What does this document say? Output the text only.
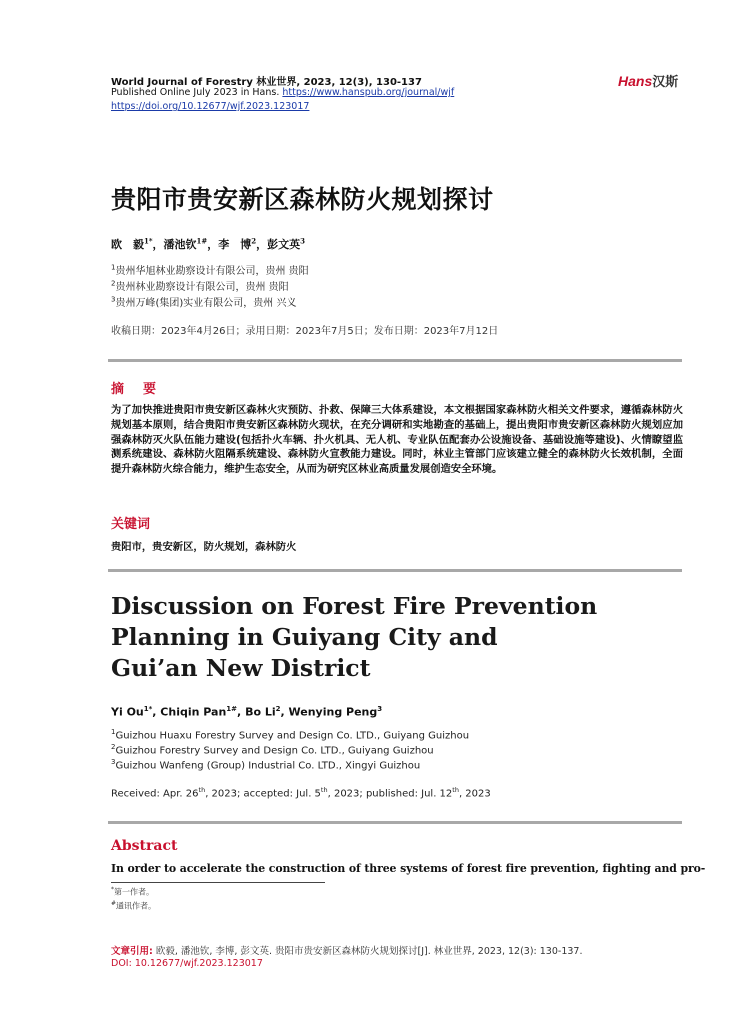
World Journal of Forestry 林业世界, 2023, 12(3), 130-137
Published Online July 2023 in Hans. https://www.hanspub.org/journal/wjf
https://doi.org/10.12677/wjf.2023.123017
Hans汉斯
贵阳市贵安新区森林防火规划探讨
欧　毅$^{1*}$，潘池钦$^{1\#}$，李　博$^2$，彭文英$^3$
$^1$贵州华旭林业勘察设计有限公司，贵州 贵阳
$^2$贵州林业勘察设计有限公司，贵州 贵阳
$^3$贵州万峰(集团)实业有限公司，贵州 兴义
收稿日期：2023年4月26日；录用日期：2023年7月5日；发布日期：2023年7月12日
摘　要
为了加快推进贵阳市贵安新区森林火灾预防、扑救、保障三大体系建设，本文根据国家森林防火相关文件要求，遵循森林防火规划基本原则，结合贵阳市贵安新区森林防火现状，在充分调研和实地勘查的基础上，提出贵阳市贵安新区森林防火规划应加强森林防灭火队伍能力建设(包括扑火车辆、扑火机具、无人机、专业队伍配套办公设施设备、基础设施等建设)、火情瞭望监测系统建设、森林防火阻隔系统建设、森林防火宣教能力建设。同时，林业主管部门应该建立健全的森林防火长效机制，全面提升森林防火综合能力，维护生态安全，从而为研究区林业高质量发展创造安全环境。
关键词
贵阳市，贵安新区，防火规划，森林防火
Discussion on Forest Fire Prevention
Planning in Guiyang City and
Gui’an New District
Yi $Ou^{1*}$, Chiqin Pan$^{1\#}$, Bo Li$^2$, Wenying Peng$^3$
$^1$Guizhou Huaxu Forestry Survey and Design Co. LTD., Guiyang Guizhou
$^2$Guizhou Forestry Survey and Design Co. LTD., Guiyang Guizhou
$^3$Guizhou Wanfeng (Group) Industrial Co. LTD., Xingyi Guizhou
Received: Apr. 26th, 2023; accepted: Jul. 5th, 2023; published: Jul. 12th, 2023
Abstract
In order to accelerate the construction of three systems of forest fire prevention, fighting and pro-
*第一作者。
#通讯作者。
文章引用: 欧毅, 潘池钦, 李博, 彭文英. 贵阳市贵安新区森林防火规划探讨[J]. 林业世界, 2023, 12(3): 130-137.
DOI: 10.12677/wjf.2023.123017
